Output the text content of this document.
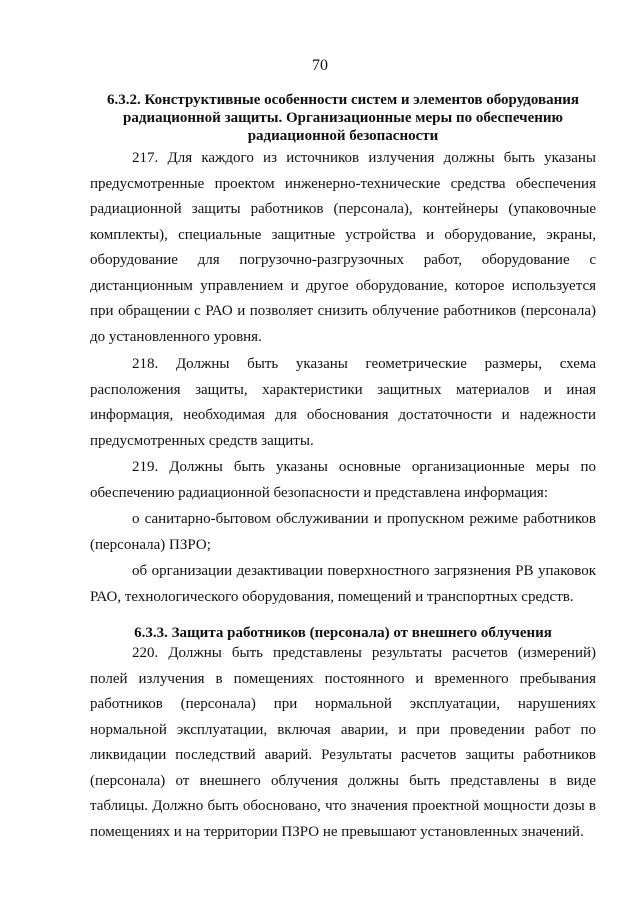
70
6.3.2. Конструктивные особенности систем и элементов оборудования радиационной защиты. Организационные меры по обеспечению радиационной безопасности

217. Для каждого из источников излучения должны быть указаны предусмотренные проектом инженерно-технические средства обеспечения радиационной защиты работников (персонала), контейнеры (упаковочные комплекты), специальные защитные устройства и оборудование, экраны, оборудование для погрузочно-разгрузочных работ, оборудование с дистанционным управлением и другое оборудование, которое используется при обращении с РАО и позволяет снизить облучение работников (персонала) до установленного уровня.

218. Должны быть указаны геометрические размеры, схема расположения защиты, характеристики защитных материалов и иная информация, необходимая для обоснования достаточности и надежности предусмотренных средств защиты.

219. Должны быть указаны основные организационные меры по обеспечению радиационной безопасности и представлена информация:

о санитарно-бытовом обслуживании и пропускном режиме работников (персонала) ПЗРО;

об организации дезактивации поверхностного загрязнения РВ упаковок РАО, технологического оборудования, помещений и транспортных средств.

6.3.3. Защита работников (персонала) от внешнего облучения

220. Должны быть представлены результаты расчетов (измерений) полей излучения в помещениях постоянного и временного пребывания работников (персонала) при нормальной эксплуатации, нарушениях нормальной эксплуатации, включая аварии, и при проведении работ по ликвидации последствий аварий. Результаты расчетов защиты работников (персонала) от внешнего облучения должны быть представлены в виде таблицы. Должно быть обосновано, что значения проектной мощности дозы в помещениях и на территории ПЗРО не превышают установленных значений.
